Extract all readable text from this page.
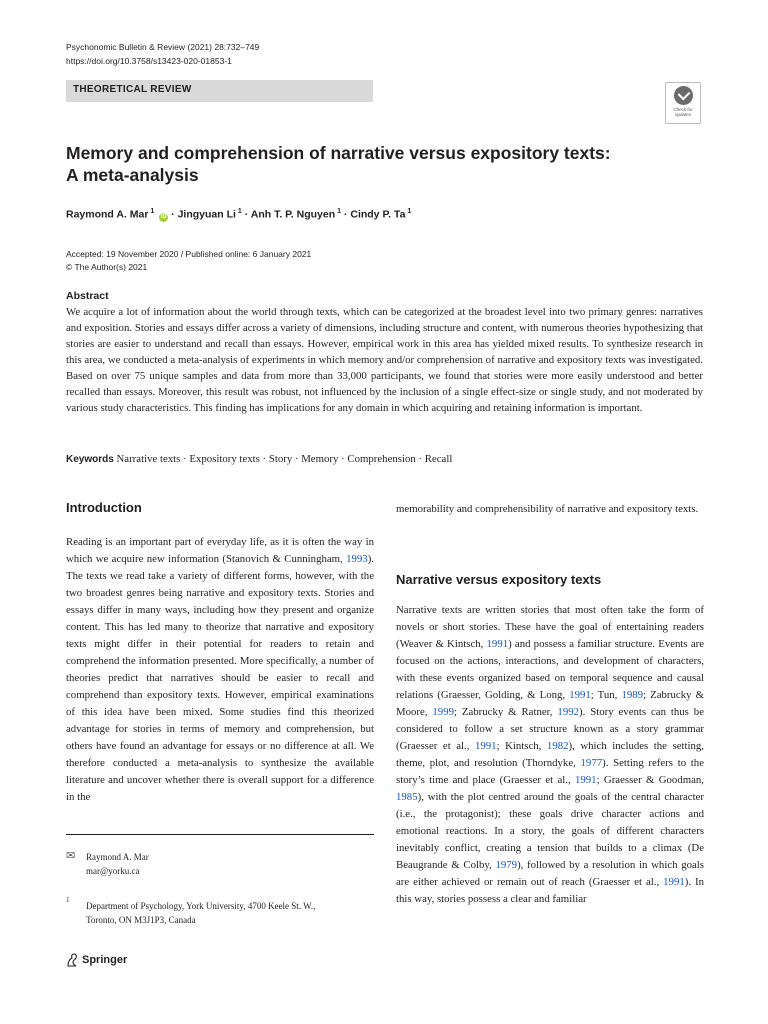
Psychonomic Bulletin & Review (2021) 28:732–749
https://doi.org/10.3758/s13423-020-01853-1
THEORETICAL REVIEW
Check for updates
Memory and comprehension of narrative versus expository texts:
A meta-analysis
Raymond A. Mar $^1$ iD · Jingyuan Li $^1$ · Anh T. P. Nguyen $^1$ · Cindy P. Ta $^1$
Accepted: 19 November 2020 / Published online: 6 January 2021
© The Author(s) 2021
Abstract
We acquire a lot of information about the world through texts, which can be categorized at the broadest level into two primary genres: narratives and exposition. Stories and essays differ across a variety of dimensions, including structure and content, with numerous theories hypothesizing that stories are easier to understand and recall than essays. However, empirical work in this area has yielded mixed results. To synthesize research in this area, we conducted a meta-analysis of experiments in which memory and/or comprehension of narrative and expository texts was investigated. Based on over 75 unique samples and data from more than 33,000 participants, we found that stories were more easily understood and better recalled than essays. Moreover, this result was robust, not influenced by the inclusion of a single effect-size or single study, and not moderated by various study characteristics. This finding has implications for any domain in which acquiring and retaining information is important.
Keywords Narrative texts · Expository texts · Story · Memory · Comprehension · Recall
Introduction
Reading is an important part of everyday life, as it is often the way in which we acquire new information (Stanovich & Cunningham, 1993). The texts we read take a variety of different forms, however, with the two broadest genres being narrative and expository texts. Stories and essays differ in many ways, including how they present and organize content. This has led many to theorize that narrative and expository texts might differ in their potential for readers to retain and comprehend the information presented. More specifically, a number of theories predict that narratives should be easier to recall and comprehend than expository texts. However, empirical examinations of this idea have been mixed. Some studies find this theorized advantage for stories in terms of memory and comprehension, but others have found an advantage for essays or no difference at all. We therefore conducted a meta-analysis to synthesize the available literature and uncover whether there is overall support for a difference in the
memorability and comprehensibility of narrative and expository texts.
Narrative versus expository texts
Narrative texts are written stories that most often take the form of novels or short stories. These have the goal of entertaining readers (Weaver & Kintsch, 1991) and possess a familiar structure. Events are focused on the actions, interactions, and development of characters, with these events organized based on temporal sequence and causal relations (Graesser, Golding, & Long, 1991; Tun, 1989; Zabrucky & Moore, 1999; Zabrucky & Ratner, 1992). Story events can thus be considered to follow a set structure known as a story grammar (Graesser et al., 1991; Kintsch, 1982), which includes the setting, theme, plot, and resolution (Thorndyke, 1977). Setting refers to the story’s time and place (Graesser et al., 1991; Graesser & Goodman, 1985), with the plot centred around the goals of the central character (i.e., the protagonist); these goals drive character actions and emotional reactions. In a story, the goals of different characters inevitably conflict, creating a tension that builds to a climax (De Beaugrande & Colby, 1979), followed by a resolution in which goals are either achieved or remain out of reach (Graesser et al., 1991). In this way, stories possess a clear and familiar
✉ Raymond A. Mar
mar@yorku.ca
1
Department of Psychology, York University, 4700 Keele St. W.,
Toronto, ON M3J1P3, Canada
Springer
